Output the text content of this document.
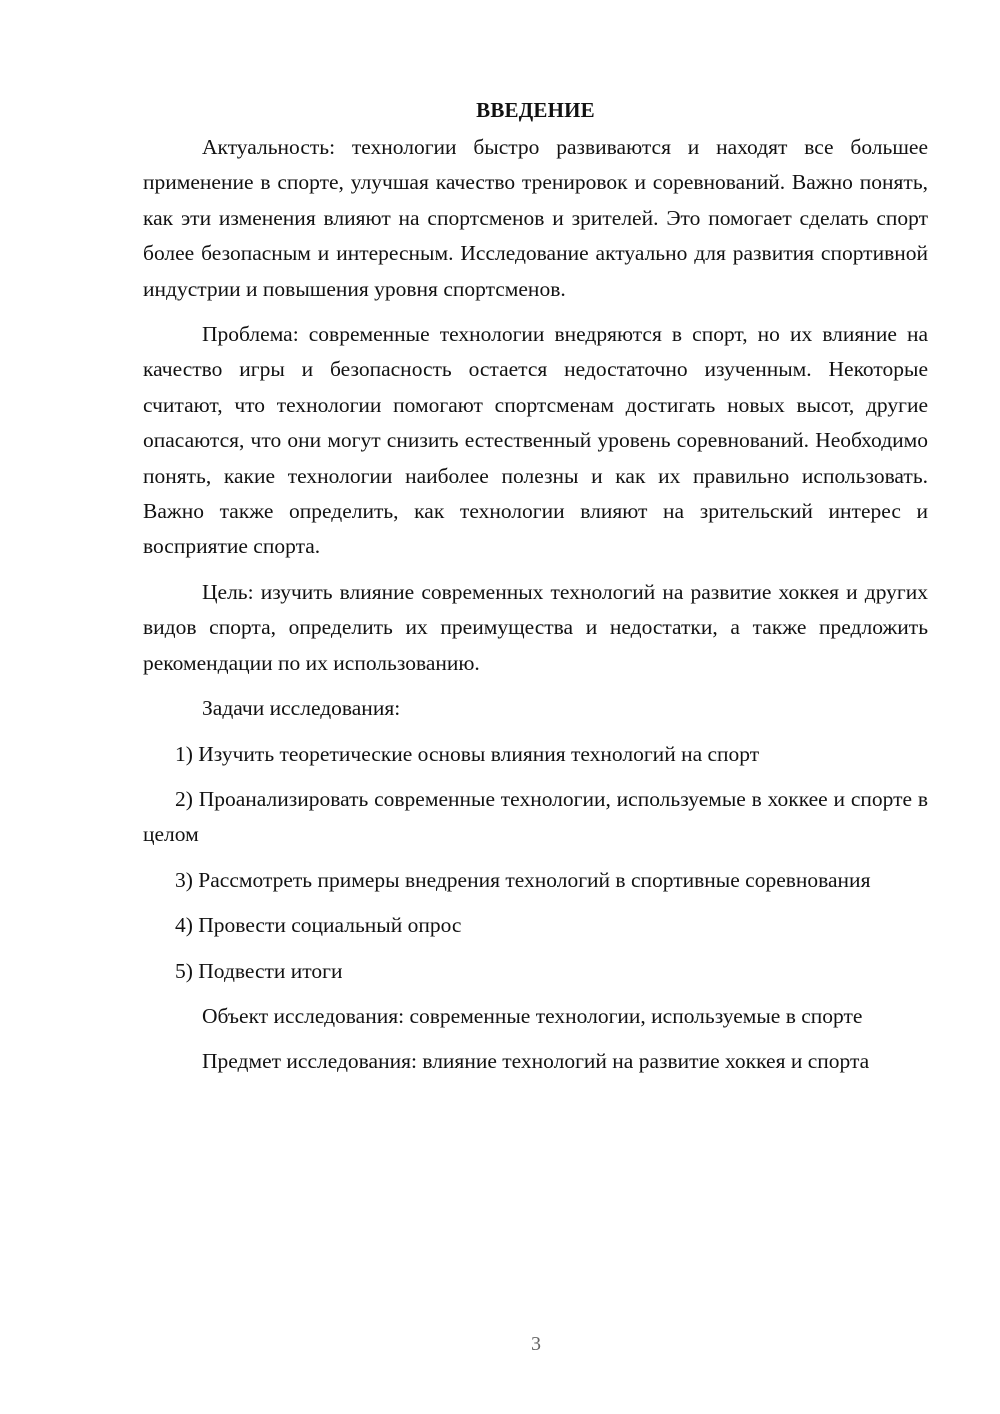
ВВЕДЕНИЕ

Актуальность: технологии быстро развиваются и находят все большее применение в спорте, улучшая качество тренировок и соревнований. Важно понять, как эти изменения влияют на спортсменов и зрителей. Это помогает сделать спорт более безопасным и интересным. Исследование актуально для развития спортивной индустрии и повышения уровня спортсменов.

Проблема: современные технологии внедряются в спорт, но их влияние на качество игры и безопасность остается недостаточно изученным. Некоторые считают, что технологии помогают спортсменам достигать новых высот, другие опасаются, что они могут снизить естественный уровень соревнований. Необходимо понять, какие технологии наиболее полезны и как их правильно использовать. Важно также определить, как технологии влияют на зрительский интерес и восприятие спорта.

Цель: изучить влияние современных технологий на развитие хоккея и других видов спорта, определить их преимущества и недостатки, а также предложить рекомендации по их использованию.

Задачи исследования:

1) Изучить теоретические основы влияния технологий на спорт

2) Проанализировать современные технологии, используемые в хоккее и спорте в целом

3) Рассмотреть примеры внедрения технологий в спортивные соревнования

4) Провести социальный опрос

5) Подвести итоги

Объект исследования: современные технологии, используемые в спорте

Предмет исследования: влияние технологий на развитие хоккея и спорта

3
